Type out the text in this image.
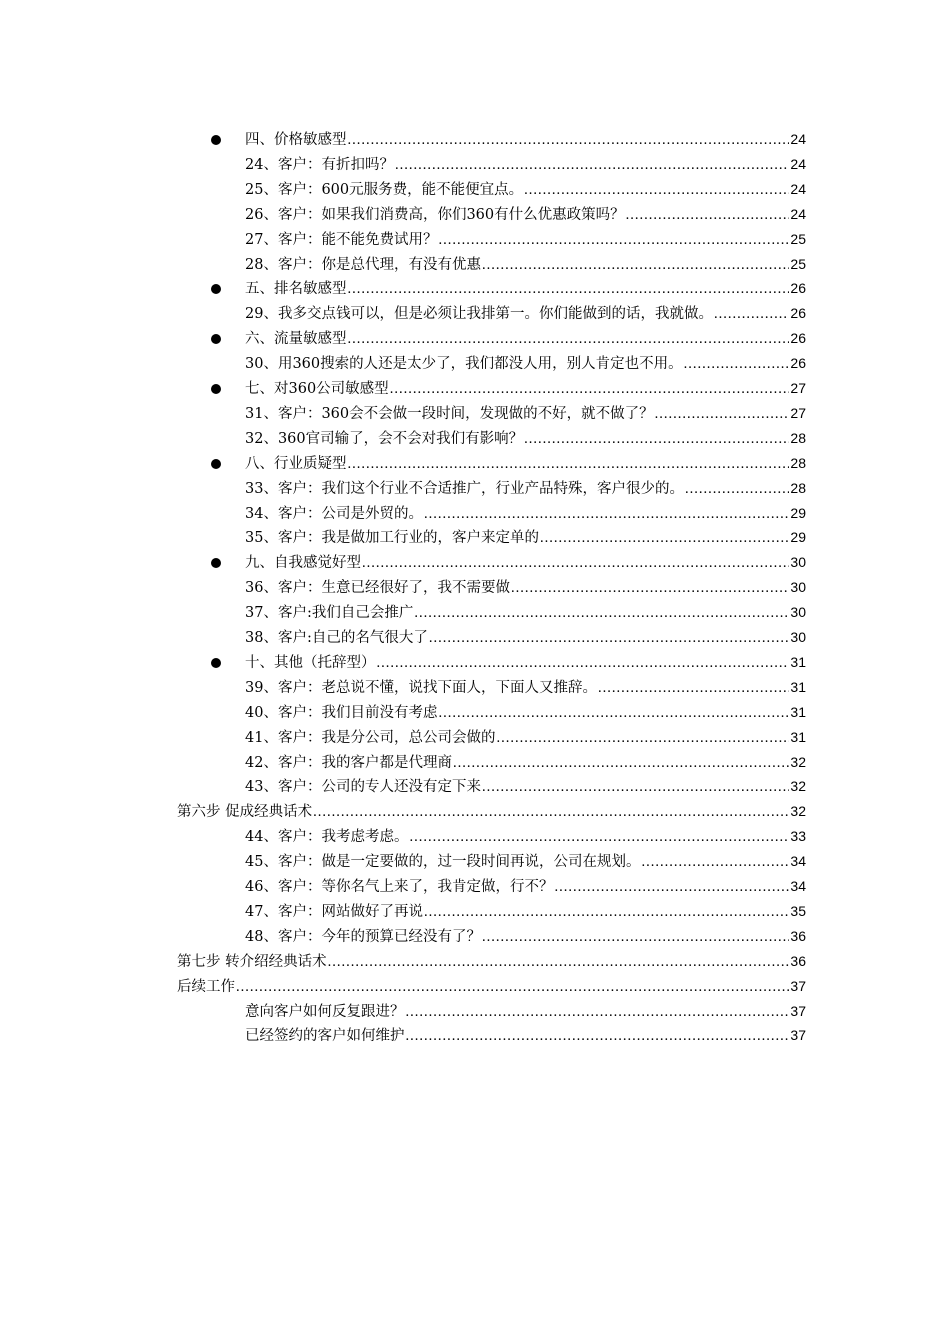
四、价格敏感型 .....	24
24、客户：有折扣吗？ .....	24
25、客户：600元服务费，能不能便宜点。 .....	24
26、客户：如果我们消费高，你们360有什么优惠政策吗？ .....	24
27、客户：能不能免费试用？ .....	25
28、客户：你是总代理，有没有优惠 .....	25
五、排名敏感型 .....	26
29、我多交点钱可以，但是必须让我排第一。你们能做到的话，我就做。 .....	26
六、流量敏感型 .....	26
30、用360搜索的人还是太少了，我们都没人用，别人肯定也不用。 .....	26
七、对360公司敏感型 .....	27
31、客户：360会不会做一段时间，发现做的不好，就不做了？ .....	27
32、360官司输了，会不会对我们有影响？ .....	28
八、行业质疑型 .....	28
33、客户：我们这个行业不合适推广，行业产品特殊，客户很少的。 .....	28
34、客户：公司是外贸的。 .....	29
35、客户：我是做加工行业的，客户来定单的 .....	29
九、自我感觉好型 .....	30
36、客户：生意已经很好了，我不需要做 .....	30
37、客户:我们自己会推广 .....	30
38、客户:自己的名气很大了 .....	30
十、其他（托辞型） .....	31
39、客户：老总说不懂，说找下面人，下面人又推辞。 .....	31
40、客户：我们目前没有考虑 .....	31
41、客户：我是分公司，总公司会做的 .....	31
42、客户：我的客户都是代理商 .....	32
43、客户：公司的专人还没有定下来 .....	32
第六步 促成经典话术 .....	32
44、客户：我考虑考虑。 .....	33
45、客户：做是一定要做的，过一段时间再说，公司在规划。 .....	34
46、客户：等你名气上来了，我肯定做，行不？ .....	34
47、客户：网站做好了再说 .....	35
48、客户：今年的预算已经没有了？ .....	36
第七步 转介绍经典话术 .....	36
后续工作 .....	37
意向客户如何反复跟进？ .....	37
已经签约的客户如何维护 .....	37
